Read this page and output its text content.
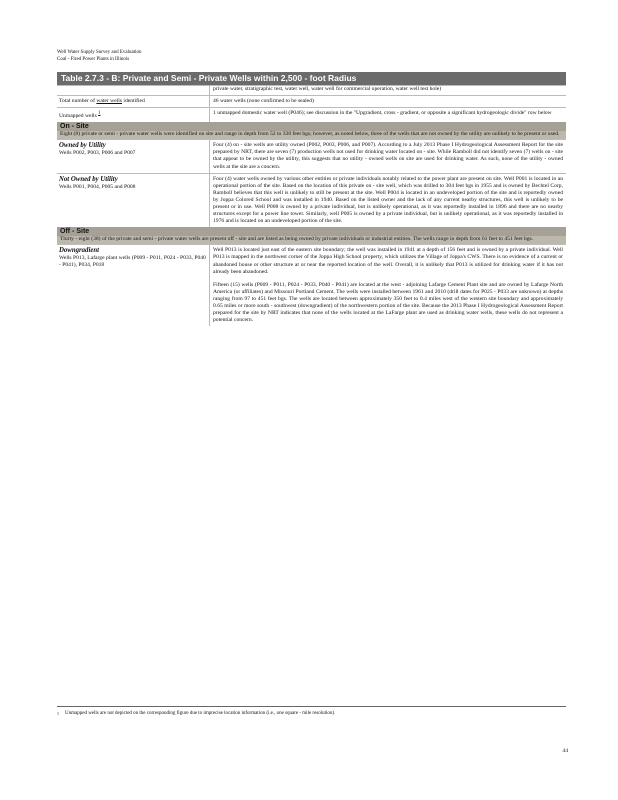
Well Water Supply Survey and Evaluation
Coal - Fired Power Plants in Illinois
Table 2.7.3 - B: Private and Semi - Private Wells within 2,500 - foot Radius
private water, stratigraphic test, water well, water well for commercial operation, water well test hole)
Total number of water wells identified	46 water wells (none confirmed to be sealed)
Unmapped wells $^1$	1 unmapped domestic water well (P046); see discussion in the "Upgradient, cross - gradient, or opposite a significant hydrogeologic divide" row below
On - Site
Eight (8) private or semi - private water wells were identified on site and range in depth from 52 to 330 feet bgs; however, as noted below, three of the wells that are not owned by the utility are unlikely to be present or used.
Owned by Utility
Wells P002, P003, P006 and P007
Four (4) on - site wells are utility owned (P002, P003, P006, and P007). According to a July 2013 Phase I Hydrogeological Assessment Report for the site prepared by NRT, there are seven (7) production wells not used for drinking water located on - site. While Ramboll did not identify seven (7) wells on - site that appear to be owned by the utility, this suggests that no utility - owned wells on site are used for drinking water. As such, none of the utility - owned wells at the site are a concern.
Not Owned by Utility
Wells P001, P004, P005 and P008
Four (4) water wells owned by various other entities or private individuals notably related to the power plant are present on site. Well P001 is located in an operational portion of the site. Based on the location of this private on - site well, which was drilled to 304 feet bgs in 1955 and is owned by Bechtel Corp, Ramboll believes that this well is unlikely to still be present at the site. Well P004 is located in an undeveloped portion of the site and is reportedly owned by Joppa Colored School and was installed in 1940. Based on the listed owner and the lack of any current nearby structures, this well is unlikely to be present or in use. Well P008 is owned by a private individual, but is unlikely operational, as it was reportedly installed in 1896 and there are no nearby structures except for a power line tower. Similarly, well P005 is owned by a private individual, but is unlikely operational, as it was reportedly installed in 1976 and is located on an undeveloped portion of the site.
Off - Site
Thirty - eight (38) of the private and semi - private water wells are present off - site and are listed as being owned by private individuals or industrial entities. The wells range in depth from 61 feet to 451 feet bgs.
Downgradient
Wells P013, Lafarge plant wells (P009 - P011, P024 - P033, P040 - P041), P034, P018
Well P013 is located just east of the eastern site boundary; the well was installed in 1941 at a depth of 156 feet and is owned by a private individual. Well P013 is mapped in the northwest corner of the Joppa High School property, which utilizes the Village of Joppa's CWS. There is no evidence of a current or abandoned house or other structure at or near the reported location of the well. Overall, it is unlikely that P013 is utilized for drinking water if it has not already been abandoned.
Fifteen (15) wells (P009 - P011, P024 - P033, P040 - P041) are located at the west - adjoining Lafarge Cement Plant site and are owned by Lafarge North America (or affiliates) and Missouri Portland Cement. The wells were installed between 1961 and 2010 (drill dates for P025 - P033 are unknown) at depths ranging from 97 to 451 feet bgs. The wells are located between approximately 350 feet to 0.4 miles west of the western site boundary and approximately 0.65 miles or more south - southwest (downgradient) of the northwestern portion of the site. Because the 2013 Phase I Hydrogeological Assessment Report prepared for the site by NRT indicates that none of the wells located at the LaFarge plant are used as drinking water wells, these wells do not represent a potential concern.
1 Unmapped wells are not depicted on the corresponding figure due to imprecise location information (i.e., one square - mile resolution).
44
